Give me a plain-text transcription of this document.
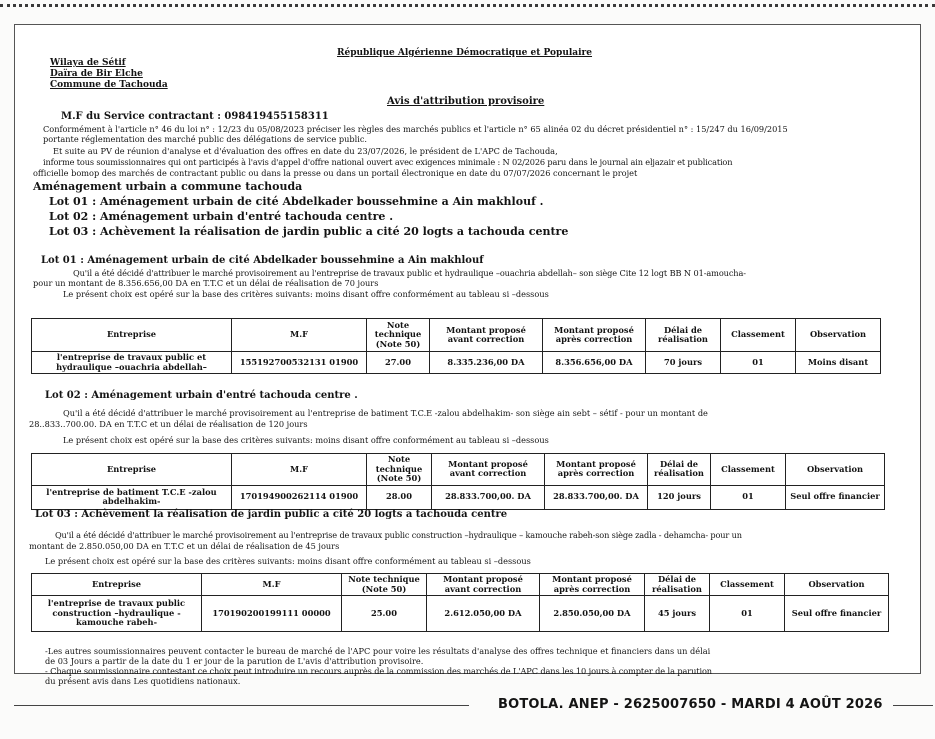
République Algérienne Démocratique et Populaire
Wilaya de Sétif
Daïra de Bir Elche
Commune de Tachouda
Avis d'attribution provisoire
M.F du Service contractant : 098419455158311
Conformément à l'article n° 46 du loi n° : 12/23 du 05/08/2023 préciser les règles des marchés publics et l'article n° 65 alinéa 02 du décret présidentiel n° : 15/247 du 16/09/2015
portante réglementation des marché public des délégations de service public.
Et suite au PV de réunion d'analyse et d'évaluation des offres en date du 23/07/2026, le président de L'APC de Tachouda,
informe tous soumissionnaires qui ont participés à l'avis d'appel d'offre national ouvert avec exigences minimale : N 02/2026 paru dans le journal ain eljazair et publication
officielle bomop des marchés de contractant public ou dans la presse ou dans un portail électronique en date du 07/07/2026 concernant le projet
Aménagement urbain a commune tachouda
Lot 01 : Aménagement urbain de cité Abdelkader boussehmine a Ain makhlouf .
Lot 02 : Aménagement urbain d'entré tachouda centre .
Lot 03 : Achèvement la réalisation de jardin public a cité 20 logts a tachouda centre
Lot 01 : Aménagement urbain de cité Abdelkader boussehmine a Ain makhlouf
Qu'il a été décidé d'attribuer le marché provisoirement au l'entreprise de travaux public et hydraulique –ouachria abdellah– son siège Cite 12 logt BB N 01-amoucha-
pour un montant de 8.356.656,00 DA en T.T.C et un délai de réalisation de 70 jours
Le présent choix est opéré sur la base des critères suivants: moins disant offre conformément au tableau si –dessous
Entreprise	M.F	Note technique (Note 50)	Montant proposé avant correction	Montant proposé après correction	Délai de réalisation	Classement	Observation
l'entreprise de travaux public et hydraulique –ouachria abdellah–	155192700532131 01900	27.00	8.335.236,00 DA	8.356.656,00 DA	70 jours	01	Moins disant
Lot 02 : Aménagement urbain d'entré tachouda centre .
Qu'il a été décidé d'attribuer le marché provisoirement au l'entreprise de batiment T.C.E -zalou abdelhakim- son siège ain sebt – sétif - pour un montant de
28..833..700.00. DA en T.T.C et un délai de réalisation de 120 jours
Le présent choix est opéré sur la base des critères suivants: moins disant offre conformément au tableau si –dessous
Entreprise	M.F	Note technique (Note 50)	Montant proposé avant correction	Montant proposé après correction	Délai de réalisation	Classement	Observation
l'entreprise de batiment T.C.E -zalou abdelhakim-	170194900262114 01900	28.00	28.833.700,00. DA	28.833.700,00. DA	120 jours	01	Seul offre financier
Lot 03 : Achèvement la réalisation de jardin public a cité 20 logts a tachouda centre
Qu'il a été décidé d'attribuer le marché provisoirement au l'entreprise de travaux public construction –hydraulique – kamouche rabeh-son siège zadla - dehamcha- pour un
montant de 2.850.050,00 DA en T.T.C et un délai de réalisation de 45 jours
Le présent choix est opéré sur la base des critères suivants: moins disant offre conformément au tableau si –dessous
Entreprise	M.F	Note technique (Note 50)	Montant proposé avant correction	Montant proposé après correction	Délai de réalisation	Classement	Observation
l'entreprise de travaux public construction –hydraulique -kamouche rabeh-	170190200199111 00000	25.00	2.612.050,00 DA	2.850.050,00 DA	45 jours	01	Seul offre financier
-Les autres soumissionnaires peuvent contacter le bureau de marché de l'APC pour voire les résultats d'analyse des offres technique et financiers dans un délai
de 03 Jours a partir de la date du 1 er jour de la parution de L'avis d'attribution provisoire.
- Chaque soumissionnaire contestant ce choix peut introduire un recours auprès de la commission des marchés de L'APC dans les 10 jours à compter de la parution
du présent avis dans Les quotidiens nationaux.
BOTOLA. ANEP - 2625007650 - MARDI 4 AOÛT 2026
